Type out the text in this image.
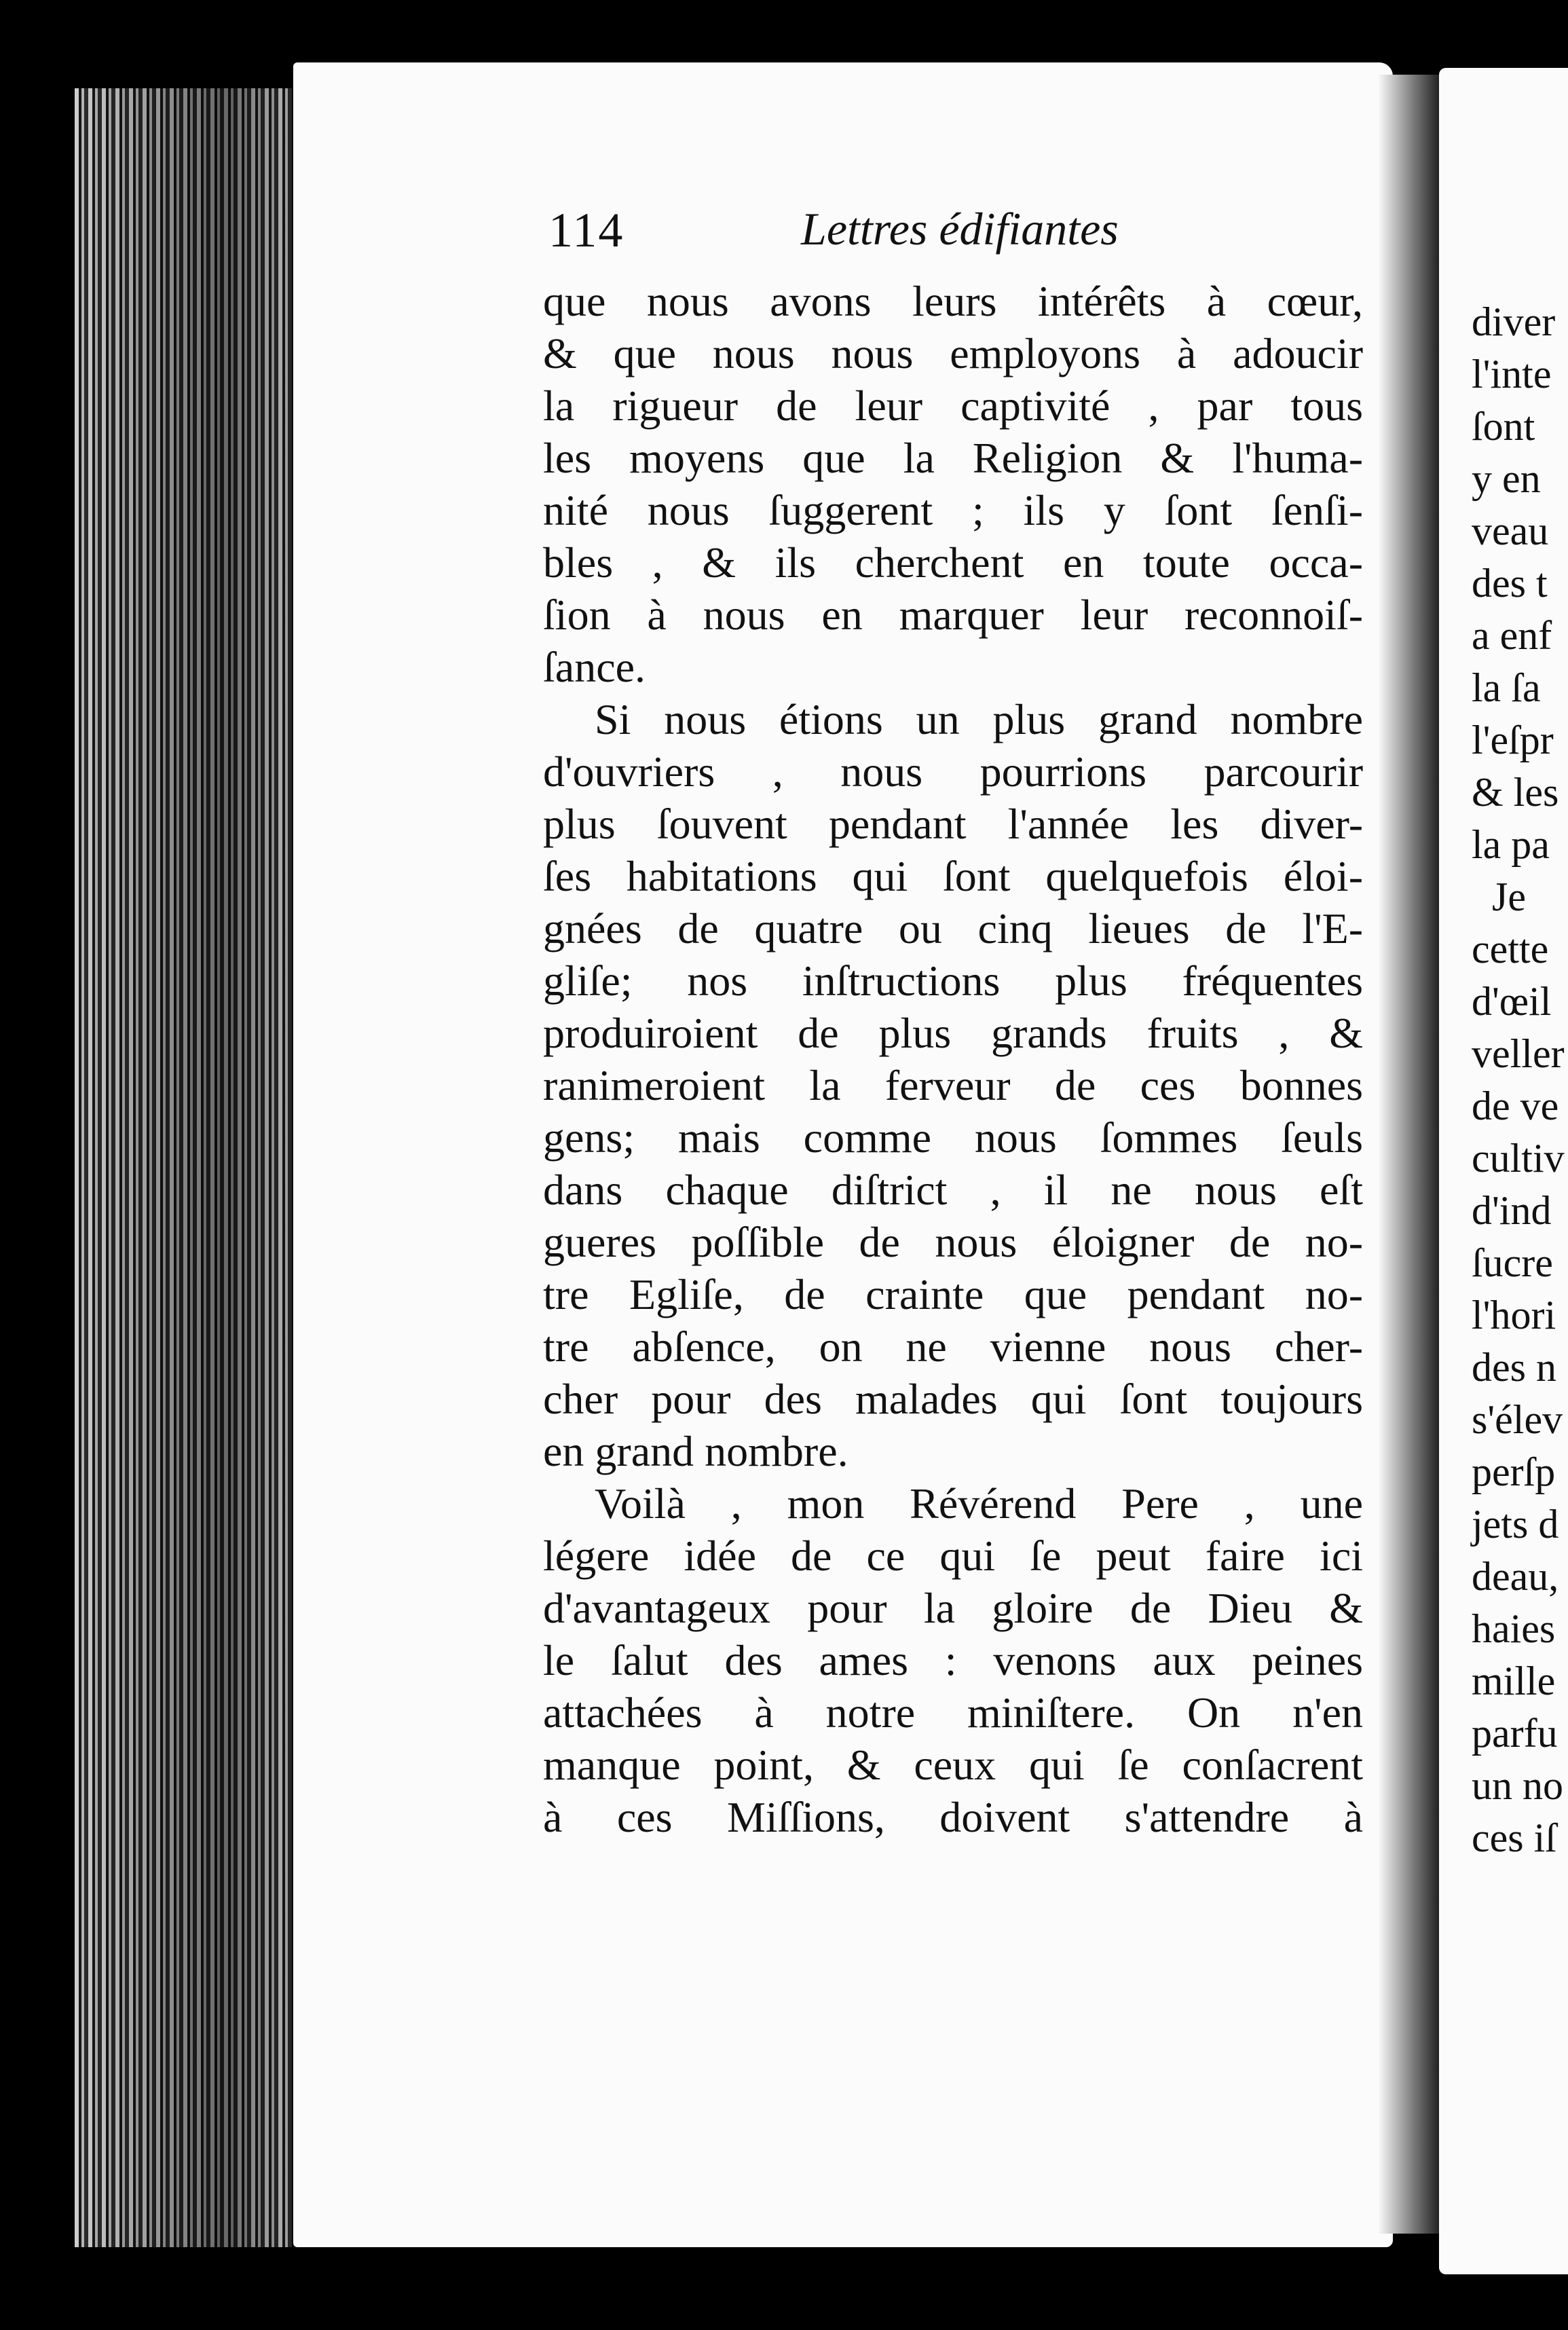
diver
l'inte
ſont
y en
veau
des t
a enf
la ſa
l'eſpr
& les
la pa
Je
cette
d'œil
veller
de ve
cultiv
d'ind
ſucre
l'hori
des n
s'élev
perſp
jets d
deau,
haies
mille
parfu
un no
ces iſ
114	Lettres édifiantes
que nous avons leurs intérêts à cœur,
& que nous nous employons à adoucir
la rigueur de leur captivité , par tous
les moyens que la Religion & l'huma-
nité nous ſuggerent ; ils y ſont ſenſi-
bles , & ils cherchent en toute occa-
ſion à nous en marquer leur reconnoiſ-
ſance.
Si nous étions un plus grand nombre
d'ouvriers , nous pourrions parcourir
plus ſouvent pendant l'année les diver-
ſes habitations qui ſont quelquefois éloi-
gnées de quatre ou cinq lieues de l'E-
gliſe; nos inſtructions plus fréquentes
produiroient de plus grands fruits , &
ranimeroient la ferveur de ces bonnes
gens; mais comme nous ſommes ſeuls
dans chaque diſtrict , il ne nous eſt
gueres poſſible de nous éloigner de no-
tre Egliſe, de crainte que pendant no-
tre abſence, on ne vienne nous cher-
cher pour des malades qui ſont toujours
en grand nombre.
Voilà , mon Révérend Pere , une
légere idée de ce qui ſe peut faire ici
d'avantageux pour la gloire de Dieu &
le ſalut des ames : venons aux peines
attachées à notre miniſtere. On n'en
manque point, & ceux qui ſe conſacrent
à ces Miſſions, doivent s'attendre à
